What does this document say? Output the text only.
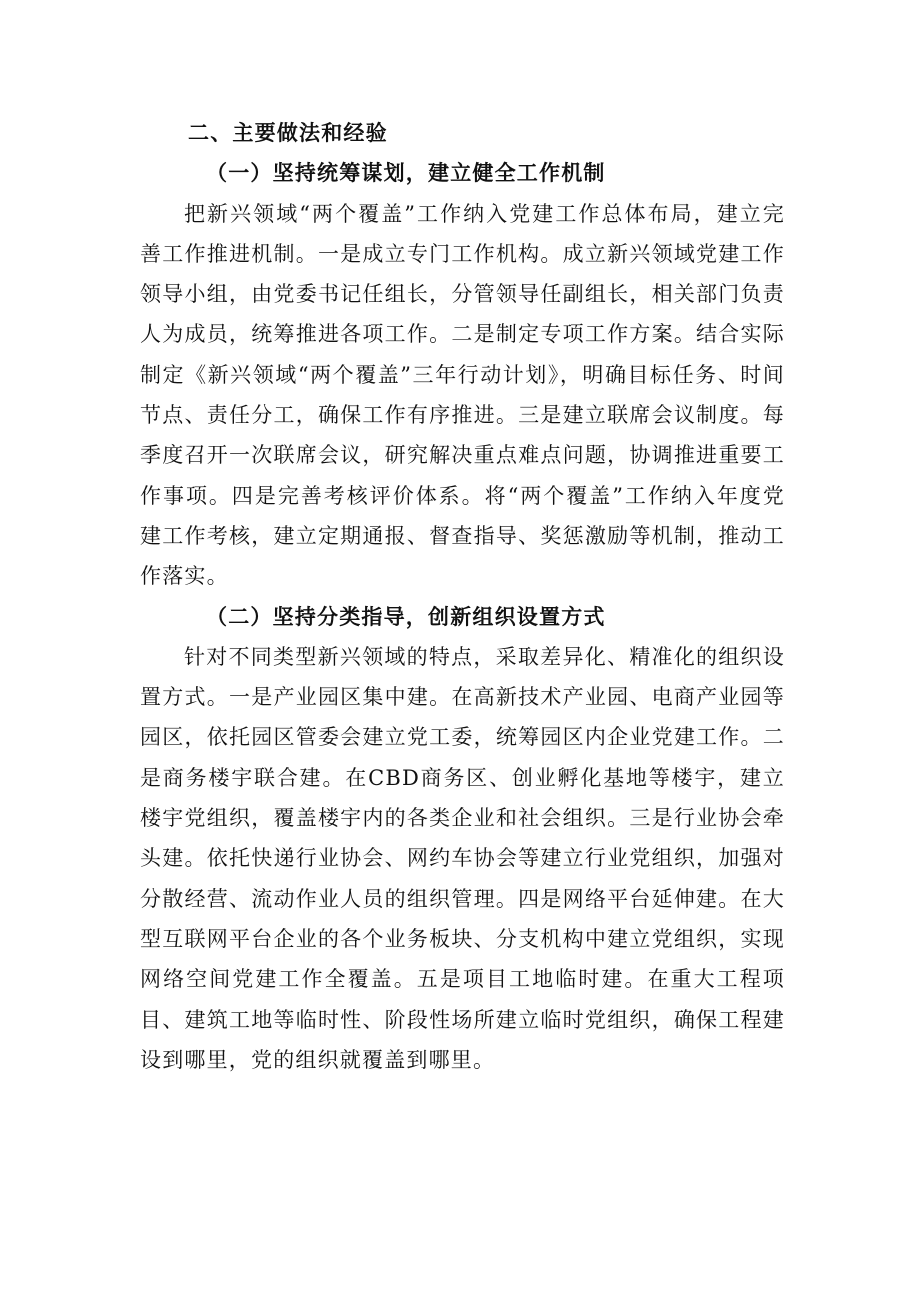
二、主要做法和经验
（一）坚持统筹谋划，建立健全工作机制

把新兴领域“两个覆盖”工作纳入党建工作总体布局，建立完善工作推进机制。一是成立专门工作机构。成立新兴领域党建工作领导小组，由党委书记任组长，分管领导任副组长，相关部门负责人为成员，统筹推进各项工作。二是制定专项工作方案。结合实际制定《新兴领域“两个覆盖”三年行动计划》，明确目标任务、时间节点、责任分工，确保工作有序推进。三是建立联席会议制度。每季度召开一次联席会议，研究解决重点难点问题，协调推进重要工作事项。四是完善考核评价体系。将“两个覆盖”工作纳入年度党建工作考核，建立定期通报、督查指导、奖惩激励等机制，推动工作落实。

（二）坚持分类指导，创新组织设置方式

针对不同类型新兴领域的特点，采取差异化、精准化的组织设置方式。一是产业园区集中建。在高新技术产业园、电商产业园等园区，依托园区管委会建立党工委，统筹园区内企业党建工作。二是商务楼宇联合建。在CBD商务区、创业孵化基地等楼宇，建立楼宇党组织，覆盖楼宇内的各类企业和社会组织。三是行业协会牵头建。依托快递行业协会、网约车协会等建立行业党组织，加强对分散经营、流动作业人员的组织管理。四是网络平台延伸建。在大型互联网平台企业的各个业务板块、分支机构中建立党组织，实现网络空间党建工作全覆盖。五是项目工地临时建。在重大工程项目、建筑工地等临时性、阶段性场所建立临时党组织，确保工程建设到哪里，党的组织就覆盖到哪里。
